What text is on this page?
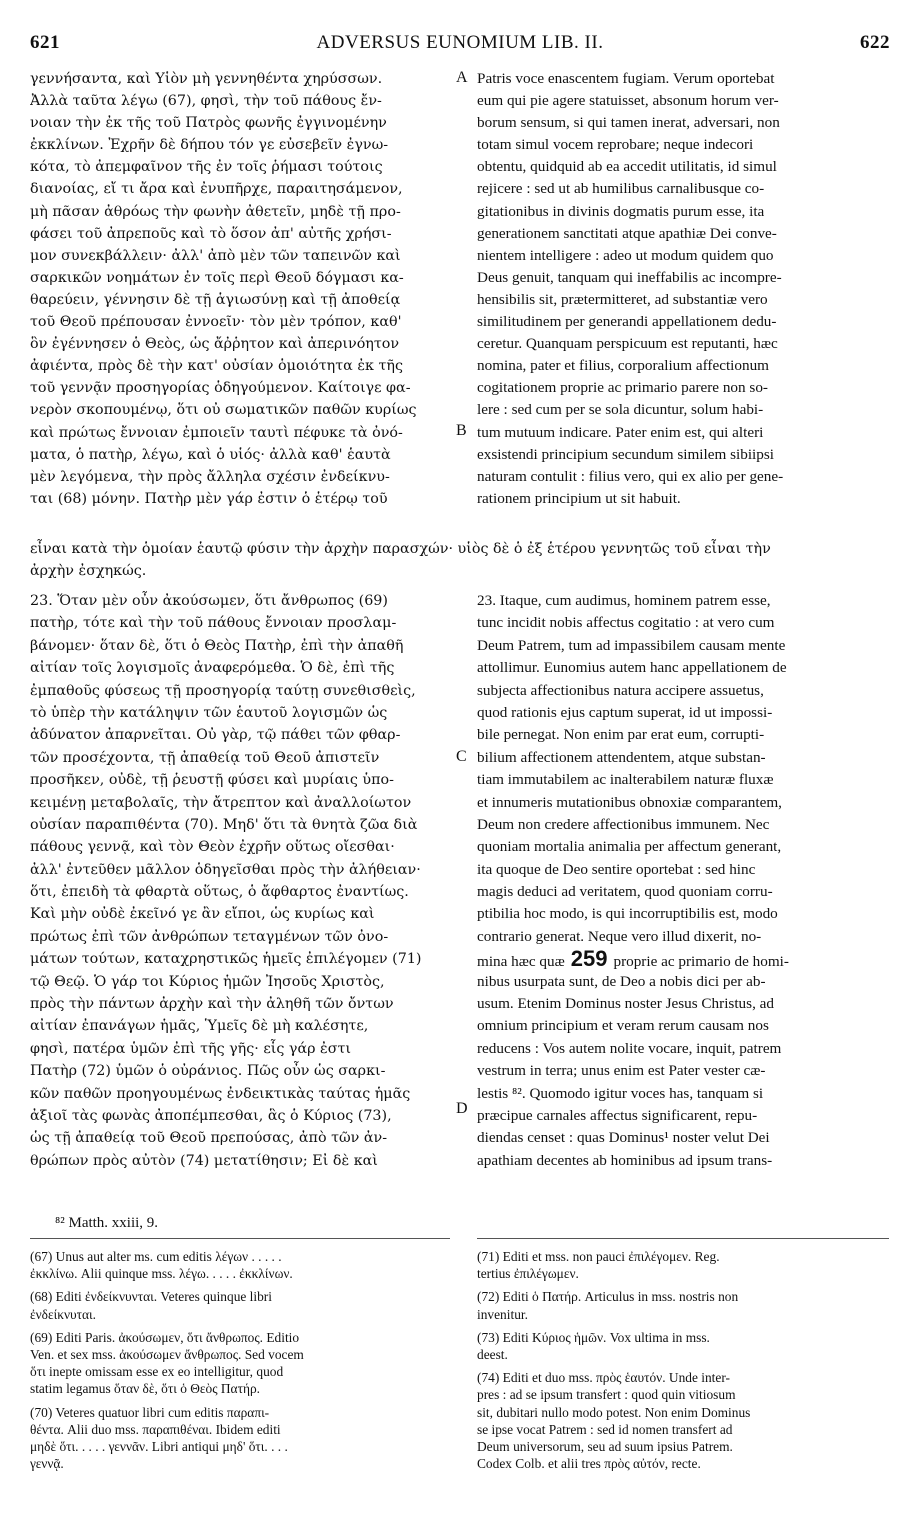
621	ADVERSUS EUNOMIUM LIB. II.	622
γεννήσαντα, καὶ Υἱὸν μὴ γεννηθέντα χηρύσσων.
Ἀλλὰ ταῦτα λέγω (67), φησὶ, τὴν τοῦ πάθους ἔν-
νοιαν τὴν ἐκ τῆς τοῦ Πατρὸς φωνῆς ἐγγινομένην
ἐκκλίνων. Ἐχρῆν δὲ δήπου τόν γε εὐσεβεῖν ἐγνω-
κότα, τὸ ἀπεμφαῖνον τῆς ἐν τοῖς ῥήμασι τούτοις
διανοίας, εἴ τι ἄρα καὶ ἐνυπῆρχε, παραιτησάμενον,
μὴ πᾶσαν ἀθρόως τὴν φωνὴν ἀθετεῖν, μηδὲ τῇ προ-
φάσει τοῦ ἀπρεποῦς καὶ τὸ ὅσον ἀπ' αὐτῆς χρήσι-
μον συνεκβάλλειν· ἀλλ' ἀπὸ μὲν τῶν ταπεινῶν καὶ
σαρκικῶν νοημάτων ἐν τοῖς περὶ Θεοῦ δόγμασι κα-
θαρεύειν, γέννησιν δὲ τῇ ἁγιωσύνῃ καὶ τῇ ἀποθείᾳ
τοῦ Θεοῦ πρέπουσαν ἐννοεῖν· τὸν μὲν τρόπον, καθ'
ὃν ἐγέννησεν ὁ Θεὸς, ὡς ἄῤῥητον καὶ ἀπερινόητον
ἀφιέντα, πρὸς δὲ τὴν κατ' οὐσίαν ὁμοιότητα ἐκ τῆς
τοῦ γεννᾷν προσηγορίας ὁδηγούμενον. Καίτοιγε φα-
νερὸν σκοπουμένῳ, ὅτι οὐ σωματικῶν παθῶν κυρίως
καὶ πρώτως ἔννοιαν ἐμποιεῖν ταυτὶ πέφυκε τὰ ὀνό-
ματα, ὁ πατὴρ, λέγω, καὶ ὁ υἱός· ἀλλὰ καθ' ἑαυτὰ
μὲν λεγόμενα, τὴν πρὸς ἄλληλα σχέσιν ἐνδείκνυ-
ται (68) μόνην. Πατὴρ μὲν γάρ ἐστιν ὁ ἑτέρῳ τοῦ
Patris voce enascentem fugiam. Verum oportebat
eum qui pie agere statuisset, absonum horum ver-
borum sensum, si qui tamen inerat, adversari, non
totam simul vocem reprobare; neque indecori
obtentu, quidquid ab ea accedit utilitatis, id simul
rejicere : sed ut ab humilibus carnalibusque co-
gitationibus in divinis dogmatis purum esse, ita
generationem sanctitati atque apathiæ Dei conve-
nientem intelligere : adeo ut modum quidem quo
Deus genuit, tanquam qui ineffabilis ac incompre-
hensibilis sit, prætermitteret, ad substantiæ vero
similitudinem per generandi appellationem dedu-
ceretur. Quanquam perspicuum est reputanti, hæc
nomina, pater et filius, corporalium affectionum
cogitationem proprie ac primario parere non so-
lere : sed cum per se sola dicuntur, solum habi-
tum mutuum indicare. Pater enim est, qui alteri
exsistendi principium secundum similem sibiipsi
naturam contulit : filius vero, qui ex alio per gene-
rationem principium ut sit habuit.
εἶναι κατὰ τὴν ὁμοίαν ἑαυτῷ φύσιν τὴν ἀρχὴν παρασχών· υἱὸς δὲ ὁ ἐξ ἑτέρου γεννητῶς τοῦ εἶναι τὴν
ἀρχὴν ἐσχηκώς.
23. Ὅταν μὲν οὖν ἀκούσωμεν, ὅτι ἄνθρωπος (69)
πατὴρ, τότε καὶ τὴν τοῦ πάθους ἔννοιαν προσλαμ-
βάνομεν· ὅταν δὲ, ὅτι ὁ Θεὸς Πατὴρ, ἐπὶ τὴν ἀπαθῆ
αἰτίαν τοῖς λογισμοῖς ἀναφερόμεθα. Ὁ δὲ, ἐπὶ τῆς
ἐμπαθοῦς φύσεως τῇ προσηγορίᾳ ταύτῃ συνεθισθεὶς,
τὸ ὑπὲρ τὴν κατάληψιν τῶν ἑαυτοῦ λογισμῶν ὡς
ἀδύνατον ἀπαρνεῖται. Οὐ γὰρ, τῷ πάθει τῶν φθαρ-
τῶν προσέχοντα, τῇ ἀπαθείᾳ τοῦ Θεοῦ ἀπιστεῖν
προσῆκεν, οὐδὲ, τῇ ῥευστῇ φύσει καὶ μυρίαις ὑπο-
κειμένῃ μεταβολαῖς, τὴν ἄτρεπτον καὶ ἀναλλοίωτον
οὐσίαν παραπιθέντα (70). Μηδ' ὅτι τὰ θνητὰ ζῶα διὰ
πάθους γεννᾷ, καὶ τὸν Θεὸν ἐχρῆν οὕτως οἴεσθαι·
ἀλλ' ἐντεῦθεν μᾶλλον ὁδηγεῖσθαι πρὸς τὴν ἀλήθειαν·
ὅτι, ἐπειδὴ τὰ φθαρτὰ οὕτως, ὁ ἄφθαρτος ἐναντίως.
Καὶ μὴν οὐδὲ ἐκεῖνό γε ἂν εἴποι, ὡς κυρίως καὶ
πρώτως ἐπὶ τῶν ἀνθρώπων τεταγμένων τῶν ὀνο-
μάτων τούτων, καταχρηστικῶς ἡμεῖς ἐπιλέγομεν (71)
τῷ Θεῷ. Ὁ γάρ τοι Κύριος ἡμῶν Ἰησοῦς Χριστὸς,
πρὸς τὴν πάντων ἀρχὴν καὶ τὴν ἀληθῆ τῶν ὄντων
αἰτίαν ἐπανάγων ἡμᾶς, Ὑμεῖς δὲ μὴ καλέσητε,
φησὶ, πατέρα ὑμῶν ἐπὶ τῆς γῆς· εἷς γάρ ἐστι
Πατὴρ (72) ὑμῶν ὁ οὐράνιος. Πῶς οὖν ὡς σαρκι-
κῶν παθῶν προηγουμένως ἐνδεικτικὰς ταύτας ἡμᾶς
ἀξιοῖ τὰς φωνὰς ἀποπέμπεσθαι, ἃς ὁ Κύριος (73),
ὡς τῇ ἀπαθείᾳ τοῦ Θεοῦ πρεπούσας, ἀπὸ τῶν ἀν-
θρώπων πρὸς αὐτὸν (74) μετατίθησιν; Εἰ δὲ καὶ
23. Itaque, cum audimus, hominem patrem esse,
tunc incidit nobis affectus cogitatio : at vero cum
Deum Patrem, tum ad impassibilem causam mente
attollimur. Eunomius autem hanc appellationem de
subjecta affectionibus natura accipere assuetus,
quod rationis ejus captum superat, id ut impossi-
bile pernegat. Non enim par erat eum, corrupti-
bilium affectionem attendentem, atque substan-
tiam immutabilem ac inalterabilem naturæ fluxæ
et innumeris mutationibus obnoxiæ comparantem,
Deum non credere affectionibus immunem. Nec
quoniam mortalia animalia per affectum generant,
ita quoque de Deo sentire oportebat : sed hinc
magis deduci ad veritatem, quod quoniam corru-
ptibilia hoc modo, is qui incorruptibilis est, modo
contrario generat. Neque vero illud dixerit, no-
mina hæc quæ 259 proprie ac primario de homi-
nibus usurpata sunt, de Deo a nobis dici per ab-
usum. Etenim Dominus noster Jesus Christus, ad
omnium principium et veram rerum causam nos
reducens : Vos autem nolite vocare, inquit, patrem
vestrum in terra; unus enim est Pater vester cæ-
lestis ⁸². Quomodo igitur voces has, tanquam si
præcipue carnales affectus significarent, repu-
diendas censet : quas Dominus¹ noster velut Dei
apathiam decentes ab hominibus ad ipsum trans-
A
B
C
D
⁸² Matth. xxiii, 9.
(67) Unus aut alter ms. cum editis λέγων . . . . .
ἐκκλίνω. Alii quinque mss. λέγω. . . . . ἐκκλίνων.
(68) Editi ἐνδείκνυνται. Veteres quinque libri
ἐνδείκνυται.
(69) Editi Paris. ἀκούσωμεν, ὅτι ἄνθρωπος. Editio
Ven. et sex mss. ἀκούσωμεν ἄνθρωπος. Sed vocem
ὅτι inepte omissam esse ex eo intelligitur, quod
statim legamus ὅταν δὲ, ὅτι ὁ Θεὸς Πατήρ.
(70) Veteres quatuor libri cum editis παραπι-
θέντα. Alii duo mss. παραπιθέναι. Ibidem editi
μηδὲ ὅτι. . . . . γεννᾶν. Libri antiqui μηδ' ὅτι. . . .
γεννᾷ.
(71) Editi et mss. non pauci ἐπιλέγομεν. Reg.
tertius ἐπιλέγωμεν.
(72) Editi ὁ Πατήρ. Articulus in mss. nostris non
invenitur.
(73) Editi Κύριος ἡμῶν. Vox ultima in mss.
deest.
(74) Editi et duo mss. πρὸς ἑαυτόν. Unde inter-
pres : ad se ipsum transfert : quod quin vitiosum
sit, dubitari nullo modo potest. Non enim Dominus
se ipse vocat Patrem : sed id nomen transfert ad
Deum universorum, seu ad suum ipsius Patrem.
Codex Colb. et alii tres πρὸς αὐτόν, recte.
